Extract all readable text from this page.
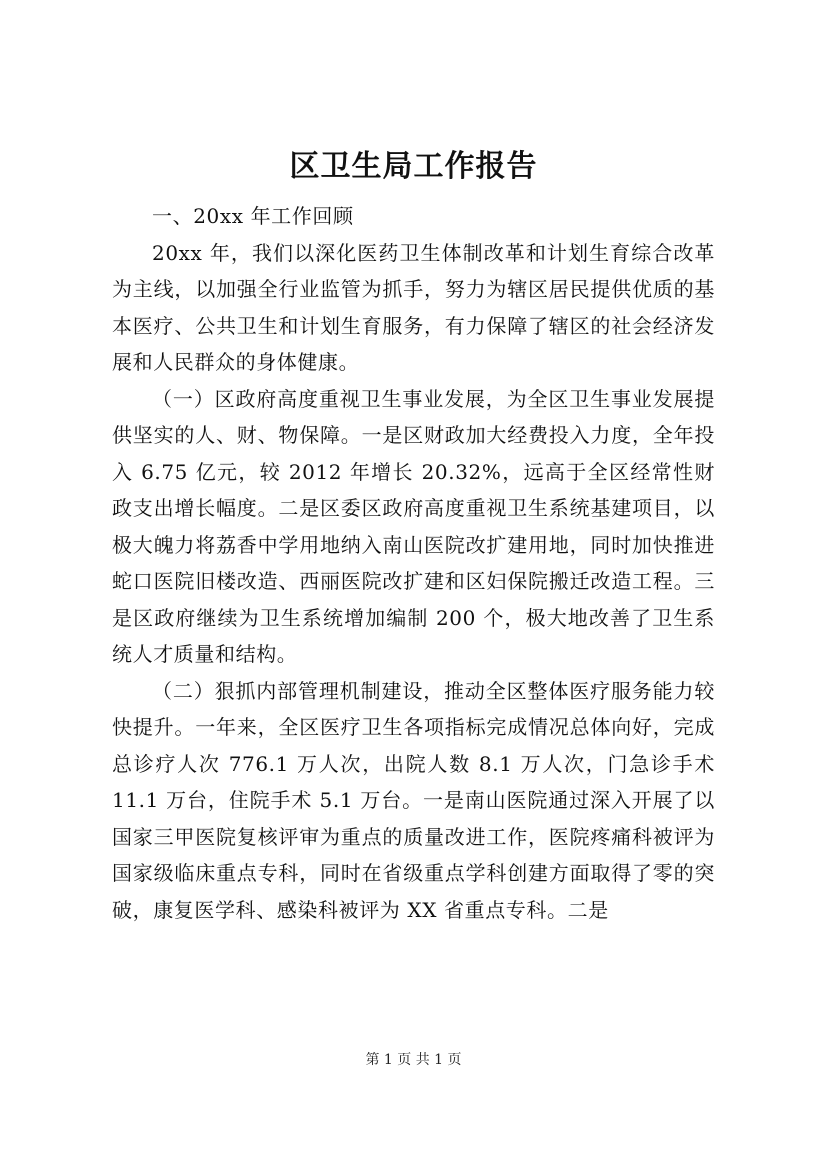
区卫生局工作报告

一、20xx 年工作回顾

20xx 年，我们以深化医药卫生体制改革和计划生育综合改革为主线，以加强全行业监管为抓手，努力为辖区居民提供优质的基本医疗、公共卫生和计划生育服务，有力保障了辖区的社会经济发展和人民群众的身体健康。

（一）区政府高度重视卫生事业发展，为全区卫生事业发展提供坚实的人、财、物保障。一是区财政加大经费投入力度，全年投入 6.75 亿元，较 2012 年增长 20.32%，远高于全区经常性财政支出增长幅度。二是区委区政府高度重视卫生系统基建项目，以极大魄力将荔香中学用地纳入南山医院改扩建用地，同时加快推进蛇口医院旧楼改造、西丽医院改扩建和区妇保院搬迁改造工程。三是区政府继续为卫生系统增加编制 200 个，极大地改善了卫生系统人才质量和结构。

（二）狠抓内部管理机制建设，推动全区整体医疗服务能力较快提升。一年来，全区医疗卫生各项指标完成情况总体向好，完成总诊疗人次 776.1 万人次，出院人数 8.1 万人次，门急诊手术 11.1 万台，住院手术 5.1 万台。一是南山医院通过深入开展了以国家三甲医院复核评审为重点的质量改进工作，医院疼痛科被评为国家级临床重点专科，同时在省级重点学科创建方面取得了零的突破，康复医学科、感染科被评为 XX 省重点专科。二是

第 1 页 共 1 页
